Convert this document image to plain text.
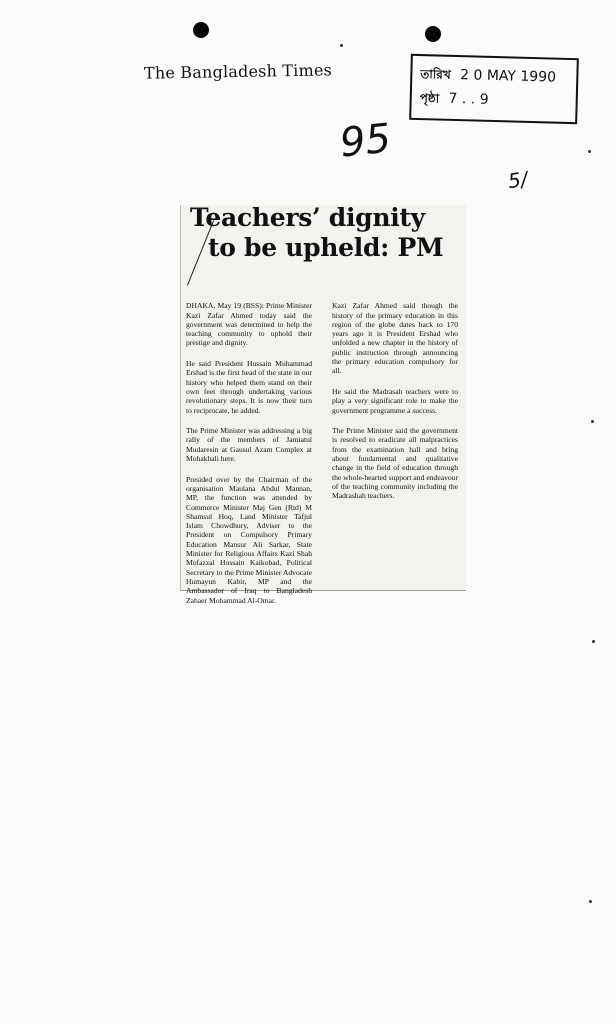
The Bangladesh Times	তারিখ 2 0 MAY 1990
পৃষ্ঠা 7 . . 9
95
5/
Teachers’ dignity
to be upheld: PM

DHAKA, May 19 (BSS): Prime Minister Kazi Zafar Ahmed today said the government was determined to help the teaching community to uphold their prestige and dignity.

He said President Hussain Muhammad Ershad is the first head of the state in our history who helped them stand on their own feet through undertaking various revolutionary steps. It is now their turn to reciprocate, he added.

The Prime Minister was addressing a big rally of the members of Jamiatul Mudaresin at Gausul Azam Complex at Mohakhali here.

Presided over by the Chairman of the organisation Maulana Abdul Mannan, MP, the function was attended by Commerce Minister Maj Gen (Rtd) M Shamsul Hoq, Land Minister Tafjul Islam Chowdhury, Adviser to the President on Compulsory Primary Education Mansur Ali Sarkar, State Minister for Religious Affairs Kazi Shah Mofazzal Hossain Kaikobad, Political Secretary to the Prime Minister Advocate Humayun Kabir, MP and the Ambassador of Iraq to Bangladesh Zahaer Mohammad Al-Omar.

Kazi Zafar Ahmed said though the history of the primary education in this region of the globe dates back to 170 years ago it is President Ershad who unfolded a new chapter in the history of public instruction through announcing the primary education compulsory for all.

He said the Madrasah teachers were to play a very significant role to make the government programme a success.

The Prime Minister said the government is resolved to eradicate all malpractices from the examination hall and bring about fundamental and qualitative change in the field of education through the whole-hearted support and endeavour of the teaching community including the Madrashah teachers.
